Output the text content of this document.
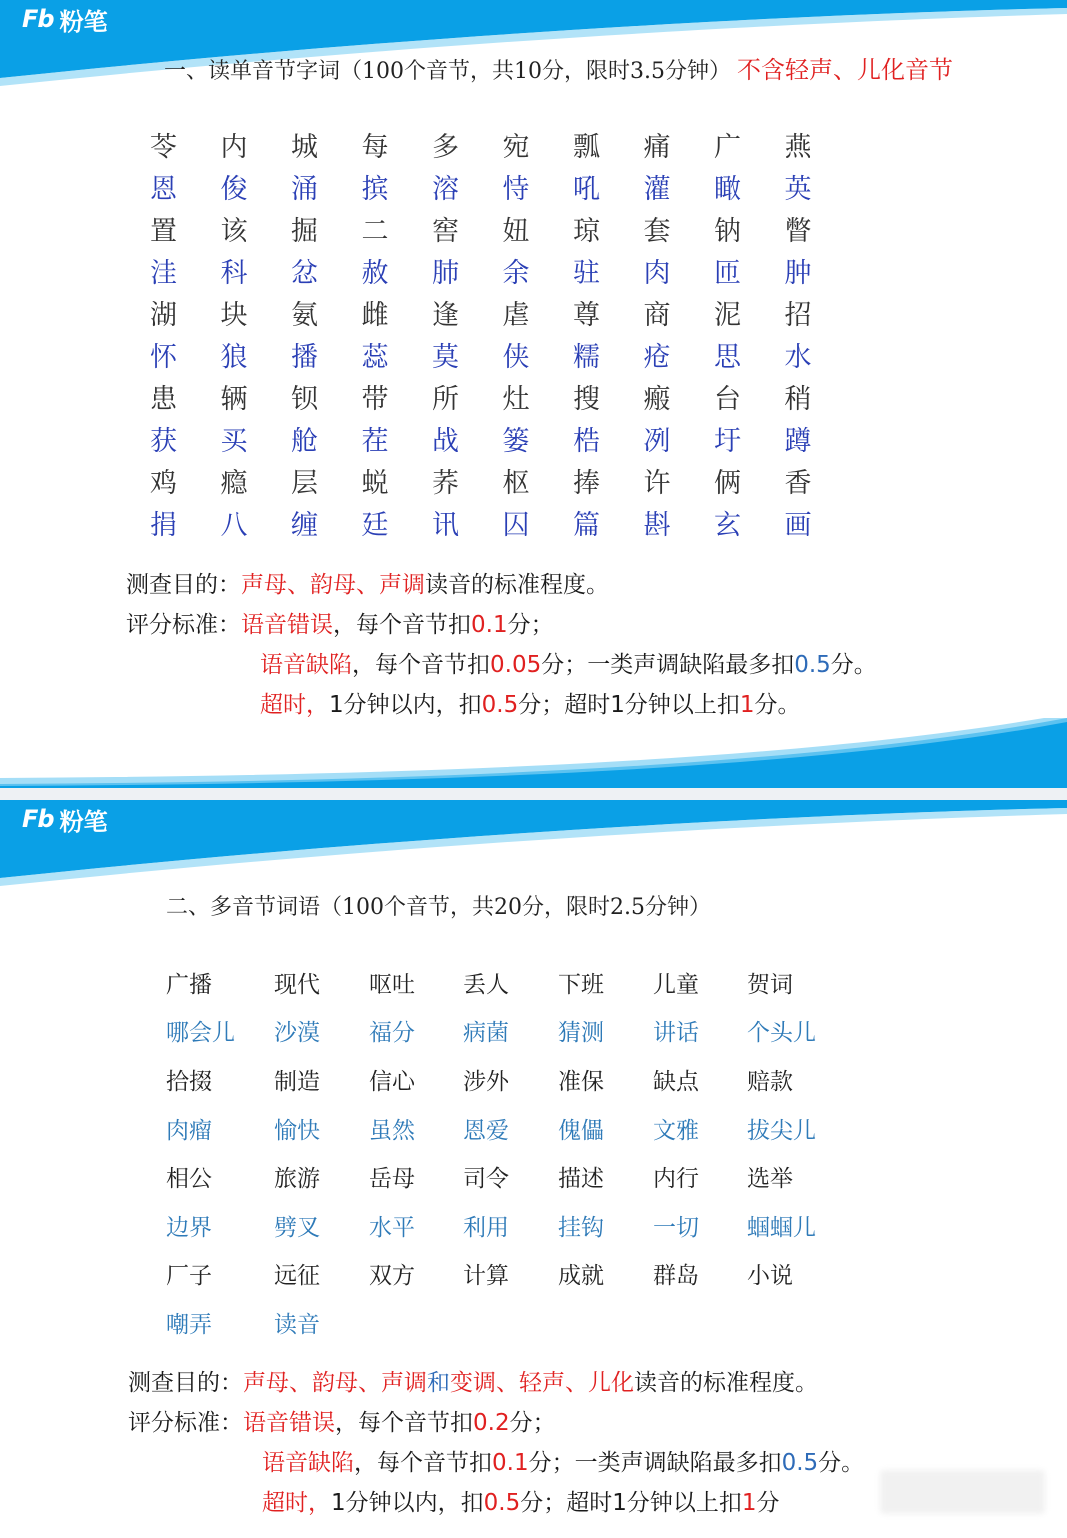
Fb 粉笔
一、读单音节字词（100个音节，共10分，限时3.5分钟） 不含轻声、儿化音节
苓	内	城	每	多	宛	瓢	痛	广	燕
恩	俊	涌	摈	溶	恃	吼	灌	瞰	英
置	该	掘	二	窖	妞	琼	套	钠	瞥
洼	科	忿	赦	肺	余	驻	肉	匝	肿
湖	块	氨	雌	逢	虐	尊	商	泥	招
怀	狼	播	蕊	莫	侠	糯	疮	思	水
患	辆	钡	带	所	灶	搜	瘢	台	稍
获	买	舱	茬	战	篓	梏	冽	圩	蹲
鸡	瘾	层	蜕	荞	枢	捧	许	俩	香
捐	八	缠	廷	讯	囚	篇	斟	玄	画
测查目的：声母、韵母、声调读音的标准程度。
评分标准：语音错误，每个音节扣0.1分；
语音缺陷，每个音节扣0.05分；一类声调缺陷最多扣0.5分。
超时，1分钟以内，扣0.5分；超时1分钟以上扣1分。
Fb 粉笔
二、多音节词语（100个音节，共20分，限时2.5分钟）
测查目的：声母、韵母、声调和变调、轻声、儿化读音的标准程度。
评分标准：语音错误，每个音节扣0.2分；
语音缺陷，每个音节扣0.1分；一类声调缺陷最多扣0.5分。
超时，1分钟以内，扣0.5分；超时1分钟以上扣1分
广播	现代	呕吐	丢人	下班	儿童	贺词
哪会儿	沙漠	福分	病菌	猜测	讲话	个头儿
拾掇	制造	信心	涉外	准保	缺点	赔款
肉瘤	愉快	虽然	恩爱	傀儡	文雅	拔尖儿
相公	旅游	岳母	司令	描述	内行	选举
边界	劈叉	水平	利用	挂钩	一切	蝈蝈儿
厂子	远征	双方	计算	成就	群岛	小说
嘲弄	读音
